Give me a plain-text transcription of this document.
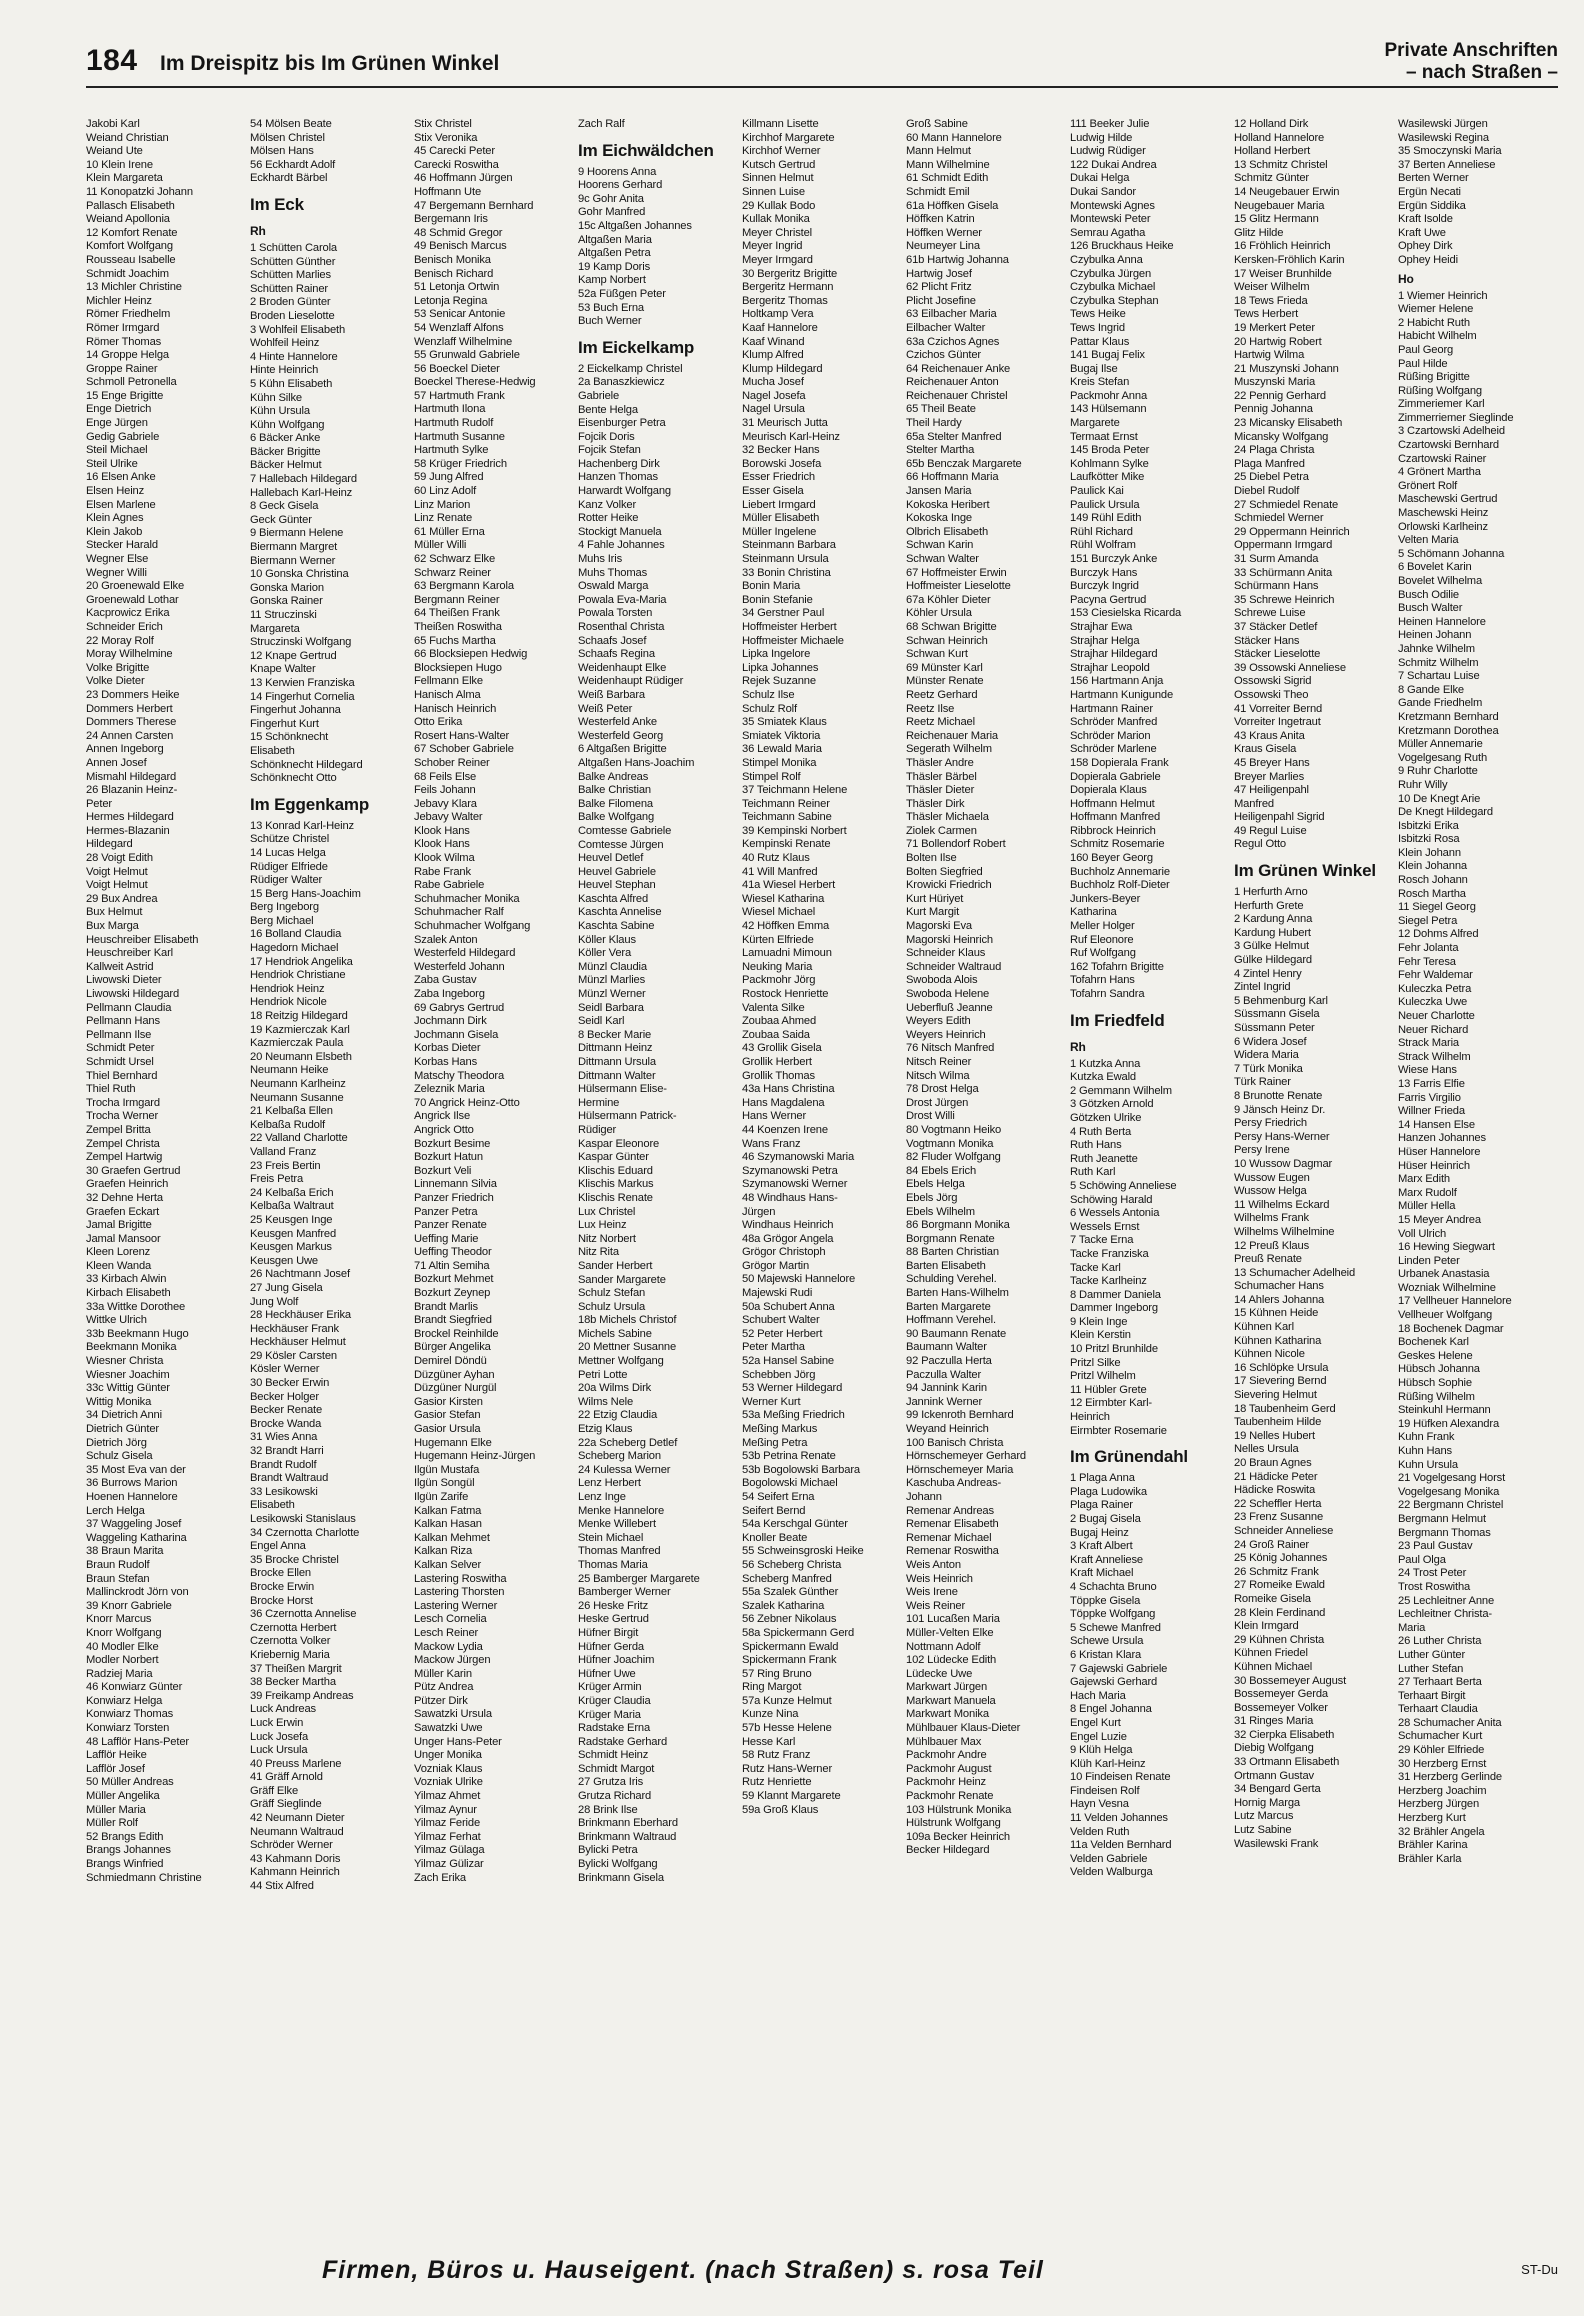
184 Im Dreispitz bis Im Grünen Winkel
Private Anschriften
– nach Straßen –
Jakobi Karl
Weiand Christian
Weiand Ute
10 Klein Irene
Klein Margareta
11 Konopatzki Johann
Pallasch Elisabeth
Weiand Apollonia
12 Komfort Renate
Komfort Wolfgang
Rousseau Isabelle
Schmidt Joachim
13 Michler Christine
Michler Heinz
Römer Friedhelm
Römer Irmgard
Römer Thomas
14 Groppe Helga
Groppe Rainer
Schmoll Petronella
15 Enge Brigitte
Enge Dietrich
Enge Jürgen
Gedig Gabriele
Steil Michael
Steil Ulrike
16 Elsen Anke
Elsen Heinz
Elsen Marlene
Klein Agnes
Klein Jakob
Stecker Harald
Wegner Else
Wegner Willi
20 Groenewald Elke
Groenewald Lothar
Kacprowicz Erika
Schneider Erich
22 Moray Rolf
Moray Wilhelmine
Volke Brigitte
Volke Dieter
23 Dommers Heike
Dommers Herbert
Dommers Therese
24 Annen Carsten
Annen Ingeborg
Annen Josef
Mismahl Hildegard
26 Blazanin Heinz-
Peter
Hermes Hildegard
Hermes-Blazanin
Hildegard
28 Voigt Edith
Voigt Helmut
Voigt Helmut
29 Bux Andrea
Bux Helmut
Bux Marga
Heuschreiber Elisabeth
Heuschreiber Karl
Kallweit Astrid
Liwowski Dieter
Liwowski Hildegard
Pellmann Claudia
Pellmann Hans
Pellmann Ilse
Schmidt Peter
Schmidt Ursel
Thiel Bernhard
Thiel Ruth
Trocha Irmgard
Trocha Werner
Zempel Britta
Zempel Christa
Zempel Hartwig
30 Graefen Gertrud
Graefen Heinrich
32 Dehne Herta
Graefen Eckart
Jamal Brigitte
Jamal Mansoor
Kleen Lorenz
Kleen Wanda
33 Kirbach Alwin
Kirbach Elisabeth
33a Wittke Dorothee
Wittke Ulrich
33b Beekmann Hugo
Beekmann Monika
Wiesner Christa
Wiesner Joachim
33c Wittig Günter
Wittig Monika
34 Dietrich Anni
Dietrich Günter
Dietrich Jörg
Schulz Gisela
35 Most Eva van der
36 Burrows Marion
Hoenen Hannelore
Lerch Helga
37 Waggeling Josef
Waggeling Katharina
38 Braun Marita
Braun Rudolf
Braun Stefan
Mallinckrodt Jörn von
39 Knorr Gabriele
Knorr Marcus
Knorr Wolfgang
40 Modler Elke
Modler Norbert
Radziej Maria
46 Konwiarz Günter
Konwiarz Helga
Konwiarz Thomas
Konwiarz Torsten
48 Lafflör Hans-Peter
Lafflör Heike
Lafflör Josef
50 Müller Andreas
Müller Angelika
Müller Maria
Müller Rolf
52 Brangs Edith
Brangs Johannes
Brangs Winfried
Schmiedmann Christine
54 Mölsen Beate
Mölsen Christel
Mölsen Hans
56 Eckhardt Adolf
Eckhardt Bärbel
Im Eck
Rh
1 Schütten Carola
Schütten Günther
Schütten Marlies
Schütten Rainer
2 Broden Günter
Broden Lieselotte
3 Wohlfeil Elisabeth
Wohlfeil Heinz
4 Hinte Hannelore
Hinte Heinrich
5 Kühn Elisabeth
Kühn Silke
Kühn Ursula
Kühn Wolfgang
6 Bäcker Anke
Bäcker Brigitte
Bäcker Helmut
7 Hallebach Hildegard
Hallebach Karl-Heinz
8 Geck Gisela
Geck Günter
9 Biermann Helene
Biermann Margret
Biermann Werner
10 Gonska Christina
Gonska Marion
Gonska Rainer
11 Struczinski
Margareta
Struczinski Wolfgang
12 Knape Gertrud
Knape Walter
13 Kerwien Franziska
14 Fingerhut Cornelia
Fingerhut Johanna
Fingerhut Kurt
15 Schönknecht
Elisabeth
Schönknecht Hildegard
Schönknecht Otto
Im Eggenkamp
13 Konrad Karl-Heinz
Schütze Christel
14 Lucas Helga
Rüdiger Elfriede
Rüdiger Walter
15 Berg Hans-Joachim
Berg Ingeborg
Berg Michael
16 Bolland Claudia
Hagedorn Michael
17 Hendriok Angelika
Hendriok Christiane
Hendriok Heinz
Hendriok Nicole
18 Reitzig Hildegard
19 Kazmierczak Karl
Kazmierczak Paula
20 Neumann Elsbeth
Neumann Heike
Neumann Karlheinz
Neumann Susanne
21 Kelbaßa Ellen
Kelbaßa Rudolf
22 Valland Charlotte
Valland Franz
23 Freis Bertin
Freis Petra
24 Kelbaßa Erich
Kelbaßa Waltraut
25 Keusgen Inge
Keusgen Manfred
Keusgen Markus
Keusgen Uwe
26 Nachtmann Josef
27 Jung Gisela
Jung Wolf
28 Heckhäuser Erika
Heckhäuser Frank
Heckhäuser Helmut
29 Kösler Carsten
Kösler Werner
30 Becker Erwin
Becker Holger
Becker Renate
Brocke Wanda
31 Wies Anna
32 Brandt Harri
Brandt Rudolf
Brandt Waltraud
33 Lesikowski
Elisabeth
Lesikowski Stanislaus
34 Czernotta Charlotte
Engel Anna
35 Brocke Christel
Brocke Ellen
Brocke Erwin
Brocke Horst
36 Czernotta Annelise
Czernotta Herbert
Czernotta Volker
Kriebernig Maria
37 Theißen Margrit
38 Becker Martha
39 Freikamp Andreas
Luck Andreas
Luck Erwin
Luck Josefa
Luck Ursula
40 Preuss Marlene
41 Gräff Arnold
Gräff Elke
Gräff Sieglinde
42 Neumann Dieter
Neumann Waltraud
Schröder Werner
43 Kahmann Doris
Kahmann Heinrich
44 Stix Alfred
Stix Christel
Stix Veronika
45 Carecki Peter
Carecki Roswitha
46 Hoffmann Jürgen
Hoffmann Ute
47 Bergemann Bernhard
Bergemann Iris
48 Schmid Gregor
49 Benisch Marcus
Benisch Monika
Benisch Richard
51 Letonja Ortwin
Letonja Regina
53 Senicar Antonie
54 Wenzlaff Alfons
Wenzlaff Wilhelmine
55 Grunwald Gabriele
56 Boeckel Dieter
Boeckel Therese-Hedwig
57 Hartmuth Frank
Hartmuth Ilona
Hartmuth Rudolf
Hartmuth Susanne
Hartmuth Sylke
58 Krüger Friedrich
59 Jung Alfred
60 Linz Adolf
Linz Marion
Linz Renate
61 Müller Erna
Müller Willi
62 Schwarz Elke
Schwarz Reiner
63 Bergmann Karola
Bergmann Reiner
64 Theißen Frank
Theißen Roswitha
65 Fuchs Martha
66 Blocksiepen Hedwig
Blocksiepen Hugo
Fellmann Elke
Hanisch Alma
Hanisch Heinrich
Otto Erika
Rosert Hans-Walter
67 Schober Gabriele
Schober Reiner
68 Feils Else
Feils Johann
Jebavy Klara
Jebavy Walter
Klook Hans
Klook Hans
Klook Wilma
Rabe Frank
Rabe Gabriele
Schuhmacher Monika
Schuhmacher Ralf
Schuhmacher Wolfgang
Szalek Anton
Westerfeld Hildegard
Westerfeld Johann
Zaba Gustav
Zaba Ingeborg
69 Gabrys Gertrud
Jochmann Dirk
Jochmann Gisela
Korbas Dieter
Korbas Hans
Matschy Theodora
Zeleznik Maria
70 Angrick Heinz-Otto
Angrick Ilse
Angrick Otto
Bozkurt Besime
Bozkurt Hatun
Bozkurt Veli
Linnemann Silvia
Panzer Friedrich
Panzer Petra
Panzer Renate
Ueffing Marie
Ueffing Theodor
71 Altin Semiha
Bozkurt Mehmet
Bozkurt Zeynep
Brandt Marlis
Brandt Siegfried
Brockel Reinhilde
Bürger Angelika
Demirel Döndü
Düzgüner Ayhan
Düzgüner Nurgül
Gasior Kirsten
Gasior Stefan
Gasior Ursula
Hugemann Elke
Hugemann Heinz-Jürgen
Ilgün Mustafa
Ilgün Songül
Ilgün Zarife
Kalkan Fatma
Kalkan Hasan
Kalkan Mehmet
Kalkan Riza
Kalkan Selver
Lastering Roswitha
Lastering Thorsten
Lastering Werner
Lesch Cornelia
Lesch Reiner
Mackow Lydia
Mackow Jürgen
Müller Karin
Pütz Andrea
Pützer Dirk
Sawatzki Ursula
Sawatzki Uwe
Unger Hans-Peter
Unger Monika
Vozniak Klaus
Vozniak Ulrike
Yilmaz Ahmet
Yilmaz Aynur
Yilmaz Feride
Yilmaz Ferhat
Yilmaz Gülaga
Yilmaz Gülizar
Zach Erika
Zach Ralf
Im Eichwäldchen
9 Hoorens Anna
Hoorens Gerhard
9c Gohr Anita
Gohr Manfred
15c Altgaßen Johannes
Altgaßen Maria
Altgaßen Petra
19 Kamp Doris
Kamp Norbert
52a Füßgen Peter
53 Buch Erna
Buch Werner
Im Eickelkamp
2 Eickelkamp Christel
2a Banaszkiewicz
Gabriele
Bente Helga
Eisenburger Petra
Fojcik Doris
Fojcik Stefan
Hachenberg Dirk
Hanzen Thomas
Harwardt Wolfgang
Kanz Volker
Rotter Heike
Stockigt Manuela
4 Fahle Johannes
Muhs Iris
Muhs Thomas
Oswald Marga
Powala Eva-Maria
Powala Torsten
Rosenthal Christa
Schaafs Josef
Schaafs Regina
Weidenhaupt Elke
Weidenhaupt Rüdiger
Weiß Barbara
Weiß Peter
Westerfeld Anke
Westerfeld Georg
6 Altgaßen Brigitte
Altgaßen Hans-Joachim
Balke Andreas
Balke Christian
Balke Filomena
Balke Wolfgang
Comtesse Gabriele
Comtesse Jürgen
Heuvel Detlef
Heuvel Gabriele
Heuvel Stephan
Kaschta Alfred
Kaschta Annelise
Kaschta Sabine
Köller Klaus
Köller Vera
Münzl Claudia
Münzl Marlies
Münzl Werner
Seidl Barbara
Seidl Karl
8 Becker Marie
Dittmann Heinz
Dittmann Ursula
Dittmann Walter
Hülsermann Elise-
Hermine
Hülsermann Patrick-
Rüdiger
Kaspar Eleonore
Kaspar Günter
Klischis Eduard
Klischis Markus
Klischis Renate
Lux Christel
Lux Heinz
Nitz Norbert
Nitz Rita
Sander Herbert
Sander Margarete
Schulz Stefan
Schulz Ursula
18b Michels Christof
Michels Sabine
20 Mettner Susanne
Mettner Wolfgang
Petri Lotte
20a Wilms Dirk
Wilms Nele
22 Etzig Claudia
Etzig Klaus
22a Scheberg Detlef
Scheberg Marion
24 Kulessa Werner
Lenz Herbert
Lenz Inge
Menke Hannelore
Menke Willebert
Stein Michael
Thomas Manfred
Thomas Maria
25 Bamberger Margarete
Bamberger Werner
26 Heske Fritz
Heske Gertrud
Hüfner Birgit
Hüfner Gerda
Hüfner Joachim
Hüfner Uwe
Krüger Armin
Krüger Claudia
Krüger Maria
Radstake Erna
Radstake Gerhard
Schmidt Heinz
Schmidt Margot
27 Grutza Iris
Grutza Richard
28 Brink Ilse
Brinkmann Eberhard
Brinkmann Waltraud
Bylicki Petra
Bylicki Wolfgang
Brinkmann Gisela
Killmann Lisette
Kirchhof Margarete
Kirchhof Werner
Kutsch Gertrud
Sinnen Helmut
Sinnen Luise
29 Kullak Bodo
Kullak Monika
Meyer Christel
Meyer Ingrid
Meyer Irmgard
30 Bergeritz Brigitte
Bergeritz Hermann
Bergeritz Thomas
Holtkamp Vera
Kaaf Hannelore
Kaaf Winand
Klump Alfred
Klump Hildegard
Mucha Josef
Nagel Josefa
Nagel Ursula
31 Meurisch Jutta
Meurisch Karl-Heinz
32 Becker Hans
Borowski Josefa
Esser Friedrich
Esser Gisela
Liebert Irmgard
Müller Elisabeth
Müller Ingelene
Steinmann Barbara
Steinmann Ursula
33 Bonin Christina
Bonin Maria
Bonin Stefanie
34 Gerstner Paul
Hoffmeister Herbert
Hoffmeister Michaele
Lipka Ingelore
Lipka Johannes
Rejek Suzanne
Schulz Ilse
Schulz Rolf
35 Smiatek Klaus
Smiatek Viktoria
36 Lewald Maria
Stimpel Monika
Stimpel Rolf
37 Teichmann Helene
Teichmann Reiner
Teichmann Sabine
39 Kempinski Norbert
Kempinski Renate
40 Rutz Klaus
41 Will Manfred
41a Wiesel Herbert
Wiesel Katharina
Wiesel Michael
42 Höffken Emma
Kürten Elfriede
Lamuadni Mimoun
Neuking Maria
Packmohr Jörg
Rostock Henriette
Valenta Silke
Zoubaa Ahmed
Zoubaa Saida
43 Grollik Gisela
Grollik Herbert
Grollik Thomas
43a Hans Christina
Hans Magdalena
Hans Werner
44 Koenzen Irene
Wans Franz
46 Szymanowski Maria
Szymanowski Petra
Szymanowski Werner
48 Windhaus Hans-
Jürgen
Windhaus Heinrich
48a Grögor Angela
Grögor Christoph
Grögor Martin
50 Majewski Hannelore
Majewski Rudi
50a Schubert Anna
Schubert Walter
52 Peter Herbert
Peter Martha
52a Hansel Sabine
Schebben Jörg
53 Werner Hildegard
Werner Kurt
53a Meßing Friedrich
Meßing Markus
Meßing Petra
53b Petrina Renate
53b Bogolowski Barbara
Bogolowski Michael
54 Seifert Erna
Seifert Bernd
54a Kerschgal Günter
Knoller Beate
55 Schweinsgroski Heike
56 Scheberg Christa
Scheberg Manfred
55a Szalek Günther
Szalek Katharina
56 Zebner Nikolaus
58a Spickermann Gerd
Spickermann Ewald
Spickermann Frank
57 Ring Bruno
Ring Margot
57a Kunze Helmut
Kunze Nina
57b Hesse Helene
Hesse Karl
58 Rutz Franz
Rutz Hans-Werner
Rutz Henriette
59 Klannt Margarete
59a Groß Klaus
Groß Sabine
60 Mann Hannelore
Mann Helmut
Mann Wilhelmine
61 Schmidt Edith
Schmidt Emil
61a Höffken Gisela
Höffken Katrin
Höffken Werner
Neumeyer Lina
61b Hartwig Johanna
Hartwig Josef
62 Plicht Fritz
Plicht Josefine
63 Eilbacher Maria
Eilbacher Walter
63a Czichos Agnes
Czichos Günter
64 Reichenauer Anke
Reichenauer Anton
Reichenauer Christel
65 Theil Beate
Theil Hardy
65a Stelter Manfred
Stelter Martha
65b Benczak Margarete
66 Hoffmann Maria
Jansen Maria
Kokoska Heribert
Kokoska Inge
Olbrich Elisabeth
Schwan Karin
Schwan Walter
67 Hoffmeister Erwin
Hoffmeister Lieselotte
67a Köhler Dieter
Köhler Ursula
68 Schwan Brigitte
Schwan Heinrich
Schwan Kurt
69 Münster Karl
Münster Renate
Reetz Gerhard
Reetz Ilse
Reetz Michael
Reichenauer Maria
Segerath Wilhelm
Thäsler Andre
Thäsler Bärbel
Thäsler Dieter
Thäsler Dirk
Thäsler Michaela
Ziolek Carmen
71 Bollendorf Robert
Bolten Ilse
Bolten Siegfried
Krowicki Friedrich
Kurt Hüriyet
Kurt Margit
Magorski Eva
Magorski Heinrich
Schneider Klaus
Schneider Waltraud
Swoboda Alois
Swoboda Helene
Ueberfluß Jeanne
Weyers Edith
Weyers Heinrich
76 Nitsch Manfred
Nitsch Reiner
Nitsch Wilma
78 Drost Helga
Drost Jürgen
Drost Willi
80 Vogtmann Heiko
Vogtmann Monika
82 Fluder Wolfgang
84 Ebels Erich
Ebels Helga
Ebels Jörg
Ebels Wilhelm
86 Borgmann Monika
Borgmann Renate
88 Barten Christian
Barten Elisabeth
Schulding Verehel.
Barten Hans-Wilhelm
Barten Margarete
Hoffmann Verehel.
90 Baumann Renate
Baumann Walter
92 Paczulla Herta
Paczulla Walter
94 Jannink Karin
Jannink Werner
99 Ickenroth Bernhard
Weyand Heinrich
100 Banisch Christa
Hörnschemeyer Gerhard
Hörnschemeyer Maria
Kaschuba Andreas-
Johann
Remenar Andreas
Remenar Elisabeth
Remenar Michael
Remenar Roswitha
Weis Anton
Weis Heinrich
Weis Irene
Weis Reiner
101 Lucaßen Maria
Müller-Velten Elke
Nottmann Adolf
102 Lüdecke Edith
Lüdecke Uwe
Markwart Jürgen
Markwart Manuela
Markwart Monika
Mühlbauer Klaus-Dieter
Mühlbauer Max
Packmohr Andre
Packmohr August
Packmohr Heinz
Packmohr Renate
103 Hülstrunk Monika
Hülstrunk Wolfgang
109a Becker Heinrich
Becker Hildegard
111 Beeker Julie
Ludwig Hilde
Ludwig Rüdiger
122 Dukai Andrea
Dukai Helga
Dukai Sandor
Montewski Agnes
Montewski Peter
Semrau Agatha
126 Bruckhaus Heike
Czybulka Anna
Czybulka Jürgen
Czybulka Michael
Czybulka Stephan
Tews Heike
Tews Ingrid
Pattar Klaus
141 Bugaj Felix
Bugaj Ilse
Kreis Stefan
Packmohr Anna
143 Hülsemann
Margarete
Termaat Ernst
145 Broda Peter
Kohlmann Sylke
Laufkötter Mike
Paulick Kai
Paulick Ursula
149 Rühl Edith
Rühl Richard
Rühl Wolfram
151 Burczyk Anke
Burczyk Hans
Burczyk Ingrid
Pacyna Gertrud
153 Ciesielska Ricarda
Strajhar Ewa
Strajhar Helga
Strajhar Hildegard
Strajhar Leopold
156 Hartmann Anja
Hartmann Kunigunde
Hartmann Rainer
Schröder Manfred
Schröder Marion
Schröder Marlene
158 Dopierala Frank
Dopierala Gabriele
Dopierala Klaus
Hoffmann Helmut
Hoffmann Manfred
Ribbrock Heinrich
Schmitz Rosemarie
160 Beyer Georg
Buchholz Annemarie
Buchholz Rolf-Dieter
Junkers-Beyer
Katharina
Meller Holger
Ruf Eleonore
Ruf Wolfgang
162 Tofahrn Brigitte
Tofahrn Hans
Tofahrn Sandra
Im Friedfeld
Rh
1 Kutzka Anna
Kutzka Ewald
2 Gemmann Wilhelm
3 Götzken Arnold
Götzken Ulrike
4 Ruth Berta
Ruth Hans
Ruth Jeanette
Ruth Karl
5 Schöwing Anneliese
Schöwing Harald
6 Wessels Antonia
Wessels Ernst
7 Tacke Erna
Tacke Franziska
Tacke Karl
Tacke Karlheinz
8 Dammer Daniela
Dammer Ingeborg
9 Klein Inge
Klein Kerstin
10 Pritzl Brunhilde
Pritzl Silke
Pritzl Wilhelm
11 Hübler Grete
12 Eirmbter Karl-
Heinrich
Eirmbter Rosemarie
Im Grünendahl
1 Plaga Anna
Plaga Ludowika
Plaga Rainer
2 Bugaj Gisela
Bugaj Heinz
3 Kraft Albert
Kraft Anneliese
Kraft Michael
4 Schachta Bruno
Töppke Gisela
Töppke Wolfgang
5 Schewe Manfred
Schewe Ursula
6 Kristan Klara
7 Gajewski Gabriele
Gajewski Gerhard
Hach Maria
8 Engel Johanna
Engel Kurt
Engel Luzie
9 Klüh Helga
Klüh Karl-Heinz
10 Findeisen Renate
Findeisen Rolf
Hayn Vesna
11 Velden Johannes
Velden Ruth
11a Velden Bernhard
Velden Gabriele
Velden Walburga
12 Holland Dirk
Holland Hannelore
Holland Herbert
13 Schmitz Christel
Schmitz Günter
14 Neugebauer Erwin
Neugebauer Maria
15 Glitz Hermann
Glitz Hilde
16 Fröhlich Heinrich
Kersken-Fröhlich Karin
17 Weiser Brunhilde
Weiser Wilhelm
18 Tews Frieda
Tews Herbert
19 Merkert Peter
20 Hartwig Robert
Hartwig Wilma
21 Muszynski Johann
Muszynski Maria
22 Pennig Gerhard
Pennig Johanna
23 Micansky Elisabeth
Micansky Wolfgang
24 Plaga Christa
Plaga Manfred
25 Diebel Petra
Diebel Rudolf
27 Schmiedel Renate
Schmiedel Werner
29 Oppermann Heinrich
Oppermann Irmgard
31 Surm Amanda
33 Schürmann Anita
Schürmann Hans
35 Schrewe Heinrich
Schrewe Luise
37 Stäcker Detlef
Stäcker Hans
Stäcker Lieselotte
39 Ossowski Anneliese
Ossowski Sigrid
Ossowski Theo
41 Vorreiter Bernd
Vorreiter Ingetraut
43 Kraus Anita
Kraus Gisela
45 Breyer Hans
Breyer Marlies
47 Heiligenpahl
Manfred
Heiligenpahl Sigrid
49 Regul Luise
Regul Otto
Im Grünen Winkel
1 Herfurth Arno
Herfurth Grete
2 Kardung Anna
Kardung Hubert
3 Gülke Helmut
Gülke Hildegard
4 Zintel Henry
Zintel Ingrid
5 Behmenburg Karl
Süssmann Gisela
Süssmann Peter
6 Widera Josef
Widera Maria
7 Türk Monika
Türk Rainer
8 Brunotte Renate
9 Jänsch Heinz Dr.
Persy Friedrich
Persy Hans-Werner
Persy Irene
10 Wussow Dagmar
Wussow Eugen
Wussow Helga
11 Wilhelms Eckard
Wilhelms Frank
Wilhelms Wilhelmine
12 Preuß Klaus
Preuß Renate
13 Schumacher Adelheid
Schumacher Hans
14 Ahlers Johanna
15 Kühnen Heide
Kühnen Karl
Kühnen Katharina
Kühnen Nicole
16 Schlöpke Ursula
17 Sievering Bernd
Sievering Helmut
18 Taubenheim Gerd
Taubenheim Hilde
19 Nelles Hubert
Nelles Ursula
20 Braun Agnes
21 Hädicke Peter
Hädicke Roswita
22 Scheffler Herta
23 Frenz Susanne
Schneider Anneliese
24 Groß Rainer
25 König Johannes
26 Schmitz Frank
27 Romeike Ewald
Romeike Gisela
28 Klein Ferdinand
Klein Irmgard
29 Kühnen Christa
Kühnen Friedel
Kühnen Michael
30 Bossemeyer August
Bossemeyer Gerda
Bossemeyer Volker
31 Ringes Maria
32 Cierpka Elisabeth
Diebig Wolfgang
33 Ortmann Elisabeth
Ortmann Gustav
34 Bengard Gerta
Hornig Marga
Lutz Marcus
Lutz Sabine
Wasilewski Frank
Wasilewski Jürgen
Wasilewski Regina
35 Smoczynski Maria
37 Berten Anneliese
Berten Werner
Ergün Necati
Ergün Siddika
Kraft Isolde
Kraft Uwe
Ophey Dirk
Ophey Heidi
Ho
1 Wiemer Heinrich
Wiemer Helene
2 Habicht Ruth
Habicht Wilhelm
Paul Georg
Paul Hilde
Rüßing Brigitte
Rüßing Wolfgang
Zimmeriemer Karl
Zimmerriemer Sieglinde
3 Czartowski Adelheid
Czartowski Bernhard
Czartowski Rainer
4 Grönert Martha
Grönert Rolf
Maschewski Gertrud
Maschewski Heinz
Orlowski Karlheinz
Velten Maria
5 Schömann Johanna
6 Bovelet Karin
Bovelet Wilhelma
Busch Odilie
Busch Walter
Heinen Hannelore
Heinen Johann
Jahnke Wilhelm
Schmitz Wilhelm
7 Schartau Luise
8 Gande Elke
Gande Friedhelm
Kretzmann Bernhard
Kretzmann Dorothea
Müller Annemarie
Vogelgesang Ruth
9 Ruhr Charlotte
Ruhr Willy
10 De Knegt Arie
De Knegt Hildegard
Isbitzki Erika
Isbitzki Rosa
Klein Johann
Klein Johanna
Rosch Johann
Rosch Martha
11 Siegel Georg
Siegel Petra
12 Dohms Alfred
Fehr Jolanta
Fehr Teresa
Fehr Waldemar
Kuleczka Petra
Kuleczka Uwe
Neuer Charlotte
Neuer Richard
Strack Maria
Strack Wilhelm
Wiese Hans
13 Farris Elfie
Farris Virgilio
Willner Frieda
14 Hansen Else
Hanzen Johannes
Hüser Hannelore
Hüser Heinrich
Marx Edith
Marx Rudolf
Müller Hella
15 Meyer Andrea
Voll Ulrich
16 Hewing Siegwart
Linden Peter
Urbanek Anastasia
Wozniak Wilhelmine
17 Vellheuer Hannelore
Vellheuer Wolfgang
18 Bochenek Dagmar
Bochenek Karl
Geskes Helene
Hübsch Johanna
Hübsch Sophie
Rüßing Wilhelm
Steinkuhl Hermann
19 Hüfken Alexandra
Kuhn Frank
Kuhn Hans
Kuhn Ursula
21 Vogelgesang Horst
Vogelgesang Monika
22 Bergmann Christel
Bergmann Helmut
Bergmann Thomas
23 Paul Gustav
Paul Olga
24 Trost Peter
Trost Roswitha
25 Lechleitner Anne
Lechleitner Christa-
Maria
26 Luther Christa
Luther Günter
Luther Stefan
27 Terhaart Berta
Terhaart Birgit
Terhaart Claudia
28 Schumacher Anita
Schumacher Kurt
29 Köhler Elfriede
30 Herzberg Ernst
31 Herzberg Gerlinde
Herzberg Joachim
Herzberg Jürgen
Herzberg Kurt
32 Brähler Angela
Brähler Karina
Brähler Karla
Firmen, Büros u. Hauseigent. (nach Straßen) s. rosa Teil	ST-Du
